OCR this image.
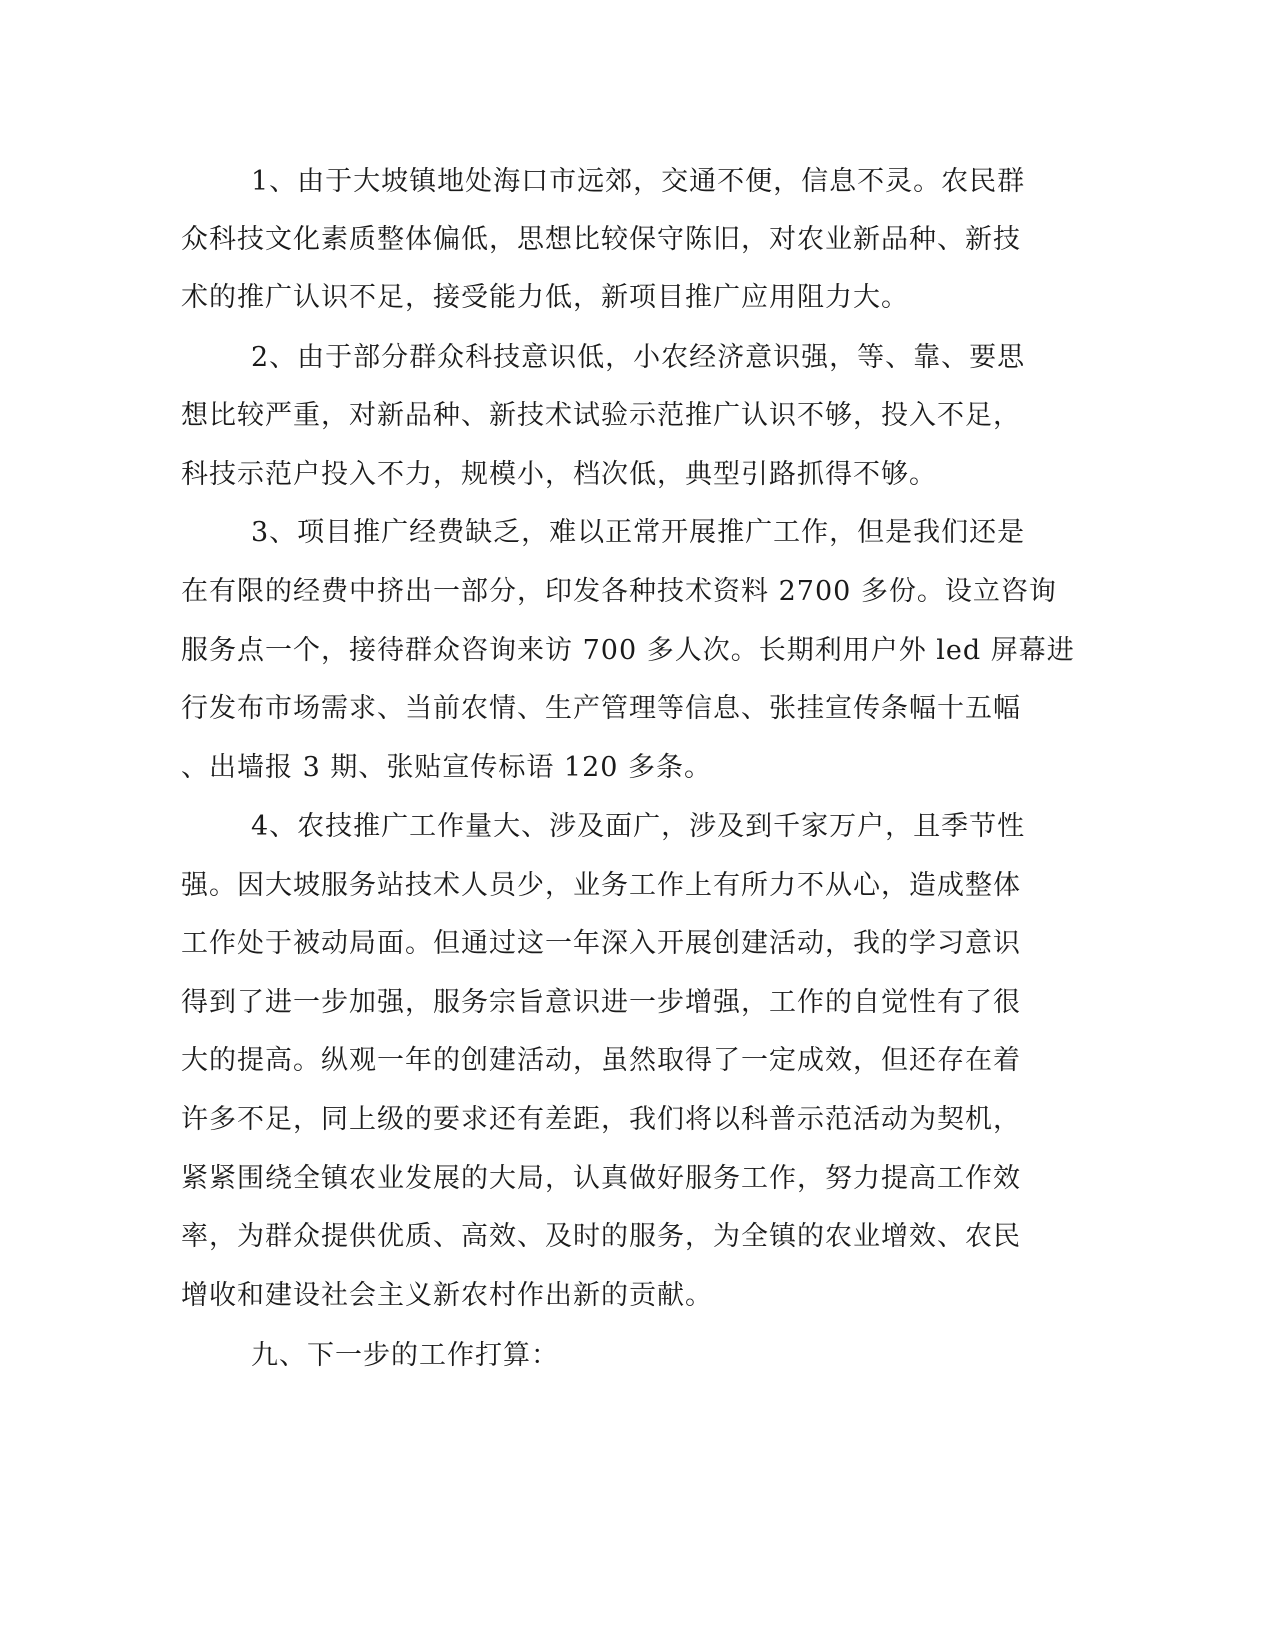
1、由于大坡镇地处海口市远郊，交通不便，信息不灵。农民群
众科技文化素质整体偏低，思想比较保守陈旧，对农业新品种、新技
术的推广认识不足，接受能力低，新项目推广应用阻力大。
2、由于部分群众科技意识低，小农经济意识强，等、靠、要思
想比较严重，对新品种、新技术试验示范推广认识不够，投入不足，
科技示范户投入不力，规模小，档次低，典型引路抓得不够。
3、项目推广经费缺乏，难以正常开展推广工作，但是我们还是
在有限的经费中挤出一部分，印发各种技术资料 2700 多份。设立咨询
服务点一个，接待群众咨询来访 700 多人次。长期利用户外 led 屏幕进
行发布市场需求、当前农情、生产管理等信息、张挂宣传条幅十五幅
、出墙报 3 期、张贴宣传标语 120 多条。
4、农技推广工作量大、涉及面广，涉及到千家万户，且季节性
强。因大坡服务站技术人员少，业务工作上有所力不从心，造成整体
工作处于被动局面。但通过这一年深入开展创建活动，我的学习意识
得到了进一步加强，服务宗旨意识进一步增强，工作的自觉性有了很
大的提高。纵观一年的创建活动，虽然取得了一定成效，但还存在着
许多不足，同上级的要求还有差距，我们将以科普示范活动为契机，
紧紧围绕全镇农业发展的大局，认真做好服务工作，努力提高工作效
率，为群众提供优质、高效、及时的服务，为全镇的农业增效、农民
增收和建设社会主义新农村作出新的贡献。
九、下一步的工作打算：
